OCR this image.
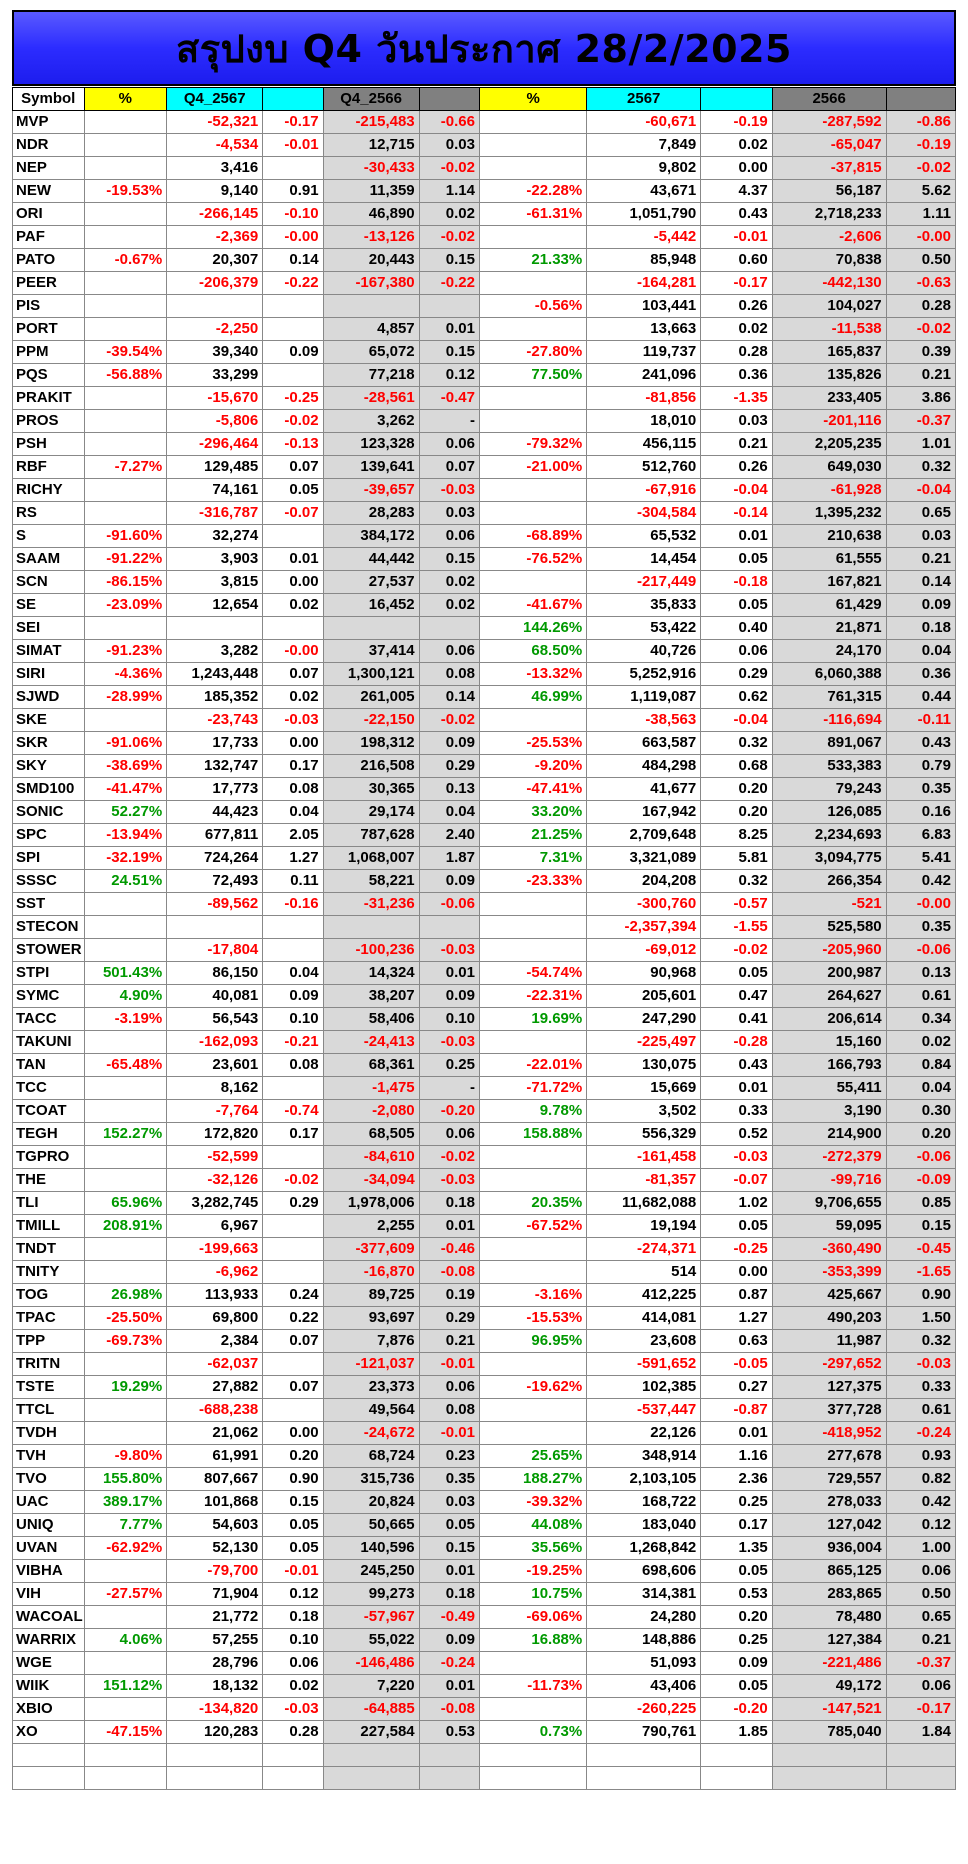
สรุปงบ Q4 วันประกาศ 28/2/2025
Symbol	%	Q4_2567		Q4_2566		%	2567		2566	
MVP		-52,321	-0.17	-215,483	-0.66		-60,671	-0.19	-287,592	-0.86
NDR		-4,534	-0.01	12,715	0.03		7,849	0.02	-65,047	-0.19
NEP		3,416		-30,433	-0.02		9,802	0.00	-37,815	-0.02
NEW	-19.53%	9,140	0.91	11,359	1.14	-22.28%	43,671	4.37	56,187	5.62
ORI		-266,145	-0.10	46,890	0.02	-61.31%	1,051,790	0.43	2,718,233	1.11
PAF		-2,369	-0.00	-13,126	-0.02		-5,442	-0.01	-2,606	-0.00
PATO	-0.67%	20,307	0.14	20,443	0.15	21.33%	85,948	0.60	70,838	0.50
PEER		-206,379	-0.22	-167,380	-0.22		-164,281	-0.17	-442,130	-0.63
PIS						-0.56%	103,441	0.26	104,027	0.28
PORT		-2,250		4,857	0.01		13,663	0.02	-11,538	-0.02
PPM	-39.54%	39,340	0.09	65,072	0.15	-27.80%	119,737	0.28	165,837	0.39
PQS	-56.88%	33,299		77,218	0.12	77.50%	241,096	0.36	135,826	0.21
PRAKIT		-15,670	-0.25	-28,561	-0.47		-81,856	-1.35	233,405	3.86
PROS		-5,806	-0.02	3,262	-		18,010	0.03	-201,116	-0.37
PSH		-296,464	-0.13	123,328	0.06	-79.32%	456,115	0.21	2,205,235	1.01
RBF	-7.27%	129,485	0.07	139,641	0.07	-21.00%	512,760	0.26	649,030	0.32
RICHY		74,161	0.05	-39,657	-0.03		-67,916	-0.04	-61,928	-0.04
RS		-316,787	-0.07	28,283	0.03		-304,584	-0.14	1,395,232	0.65
S	-91.60%	32,274		384,172	0.06	-68.89%	65,532	0.01	210,638	0.03
SAAM	-91.22%	3,903	0.01	44,442	0.15	-76.52%	14,454	0.05	61,555	0.21
SCN	-86.15%	3,815	0.00	27,537	0.02		-217,449	-0.18	167,821	0.14
SE	-23.09%	12,654	0.02	16,452	0.02	-41.67%	35,833	0.05	61,429	0.09
SEI						144.26%	53,422	0.40	21,871	0.18
SIMAT	-91.23%	3,282	-0.00	37,414	0.06	68.50%	40,726	0.06	24,170	0.04
SIRI	-4.36%	1,243,448	0.07	1,300,121	0.08	-13.32%	5,252,916	0.29	6,060,388	0.36
SJWD	-28.99%	185,352	0.02	261,005	0.14	46.99%	1,119,087	0.62	761,315	0.44
SKE		-23,743	-0.03	-22,150	-0.02		-38,563	-0.04	-116,694	-0.11
SKR	-91.06%	17,733	0.00	198,312	0.09	-25.53%	663,587	0.32	891,067	0.43
SKY	-38.69%	132,747	0.17	216,508	0.29	-9.20%	484,298	0.68	533,383	0.79
SMD100	-41.47%	17,773	0.08	30,365	0.13	-47.41%	41,677	0.20	79,243	0.35
SONIC	52.27%	44,423	0.04	29,174	0.04	33.20%	167,942	0.20	126,085	0.16
SPC	-13.94%	677,811	2.05	787,628	2.40	21.25%	2,709,648	8.25	2,234,693	6.83
SPI	-32.19%	724,264	1.27	1,068,007	1.87	7.31%	3,321,089	5.81	3,094,775	5.41
SSSC	24.51%	72,493	0.11	58,221	0.09	-23.33%	204,208	0.32	266,354	0.42
SST		-89,562	-0.16	-31,236	-0.06		-300,760	-0.57	-521	-0.00
STECON							-2,357,394	-1.55	525,580	0.35
STOWER		-17,804		-100,236	-0.03		-69,012	-0.02	-205,960	-0.06
STPI	501.43%	86,150	0.04	14,324	0.01	-54.74%	90,968	0.05	200,987	0.13
SYMC	4.90%	40,081	0.09	38,207	0.09	-22.31%	205,601	0.47	264,627	0.61
TACC	-3.19%	56,543	0.10	58,406	0.10	19.69%	247,290	0.41	206,614	0.34
TAKUNI		-162,093	-0.21	-24,413	-0.03		-225,497	-0.28	15,160	0.02
TAN	-65.48%	23,601	0.08	68,361	0.25	-22.01%	130,075	0.43	166,793	0.84
TCC		8,162		-1,475	-	-71.72%	15,669	0.01	55,411	0.04
TCOAT		-7,764	-0.74	-2,080	-0.20	9.78%	3,502	0.33	3,190	0.30
TEGH	152.27%	172,820	0.17	68,505	0.06	158.88%	556,329	0.52	214,900	0.20
TGPRO		-52,599		-84,610	-0.02		-161,458	-0.03	-272,379	-0.06
THE		-32,126	-0.02	-34,094	-0.03		-81,357	-0.07	-99,716	-0.09
TLI	65.96%	3,282,745	0.29	1,978,006	0.18	20.35%	11,682,088	1.02	9,706,655	0.85
TMILL	208.91%	6,967		2,255	0.01	-67.52%	19,194	0.05	59,095	0.15
TNDT		-199,663		-377,609	-0.46		-274,371	-0.25	-360,490	-0.45
TNITY		-6,962		-16,870	-0.08		514	0.00	-353,399	-1.65
TOG	26.98%	113,933	0.24	89,725	0.19	-3.16%	412,225	0.87	425,667	0.90
TPAC	-25.50%	69,800	0.22	93,697	0.29	-15.53%	414,081	1.27	490,203	1.50
TPP	-69.73%	2,384	0.07	7,876	0.21	96.95%	23,608	0.63	11,987	0.32
TRITN		-62,037		-121,037	-0.01		-591,652	-0.05	-297,652	-0.03
TSTE	19.29%	27,882	0.07	23,373	0.06	-19.62%	102,385	0.27	127,375	0.33
TTCL		-688,238		49,564	0.08		-537,447	-0.87	377,728	0.61
TVDH		21,062	0.00	-24,672	-0.01		22,126	0.01	-418,952	-0.24
TVH	-9.80%	61,991	0.20	68,724	0.23	25.65%	348,914	1.16	277,678	0.93
TVO	155.80%	807,667	0.90	315,736	0.35	188.27%	2,103,105	2.36	729,557	0.82
UAC	389.17%	101,868	0.15	20,824	0.03	-39.32%	168,722	0.25	278,033	0.42
UNIQ	7.77%	54,603	0.05	50,665	0.05	44.08%	183,040	0.17	127,042	0.12
UVAN	-62.92%	52,130	0.05	140,596	0.15	35.56%	1,268,842	1.35	936,004	1.00
VIBHA		-79,700	-0.01	245,250	0.01	-19.25%	698,606	0.05	865,125	0.06
VIH	-27.57%	71,904	0.12	99,273	0.18	10.75%	314,381	0.53	283,865	0.50
WACOAL		21,772	0.18	-57,967	-0.49	-69.06%	24,280	0.20	78,480	0.65
WARRIX	4.06%	57,255	0.10	55,022	0.09	16.88%	148,886	0.25	127,384	0.21
WGE		28,796	0.06	-146,486	-0.24		51,093	0.09	-221,486	-0.37
WIIK	151.12%	18,132	0.02	7,220	0.01	-11.73%	43,406	0.05	49,172	0.06
XBIO		-134,820	-0.03	-64,885	-0.08		-260,225	-0.20	-147,521	-0.17
XO	-47.15%	120,283	0.28	227,584	0.53	0.73%	790,761	1.85	785,040	1.84
